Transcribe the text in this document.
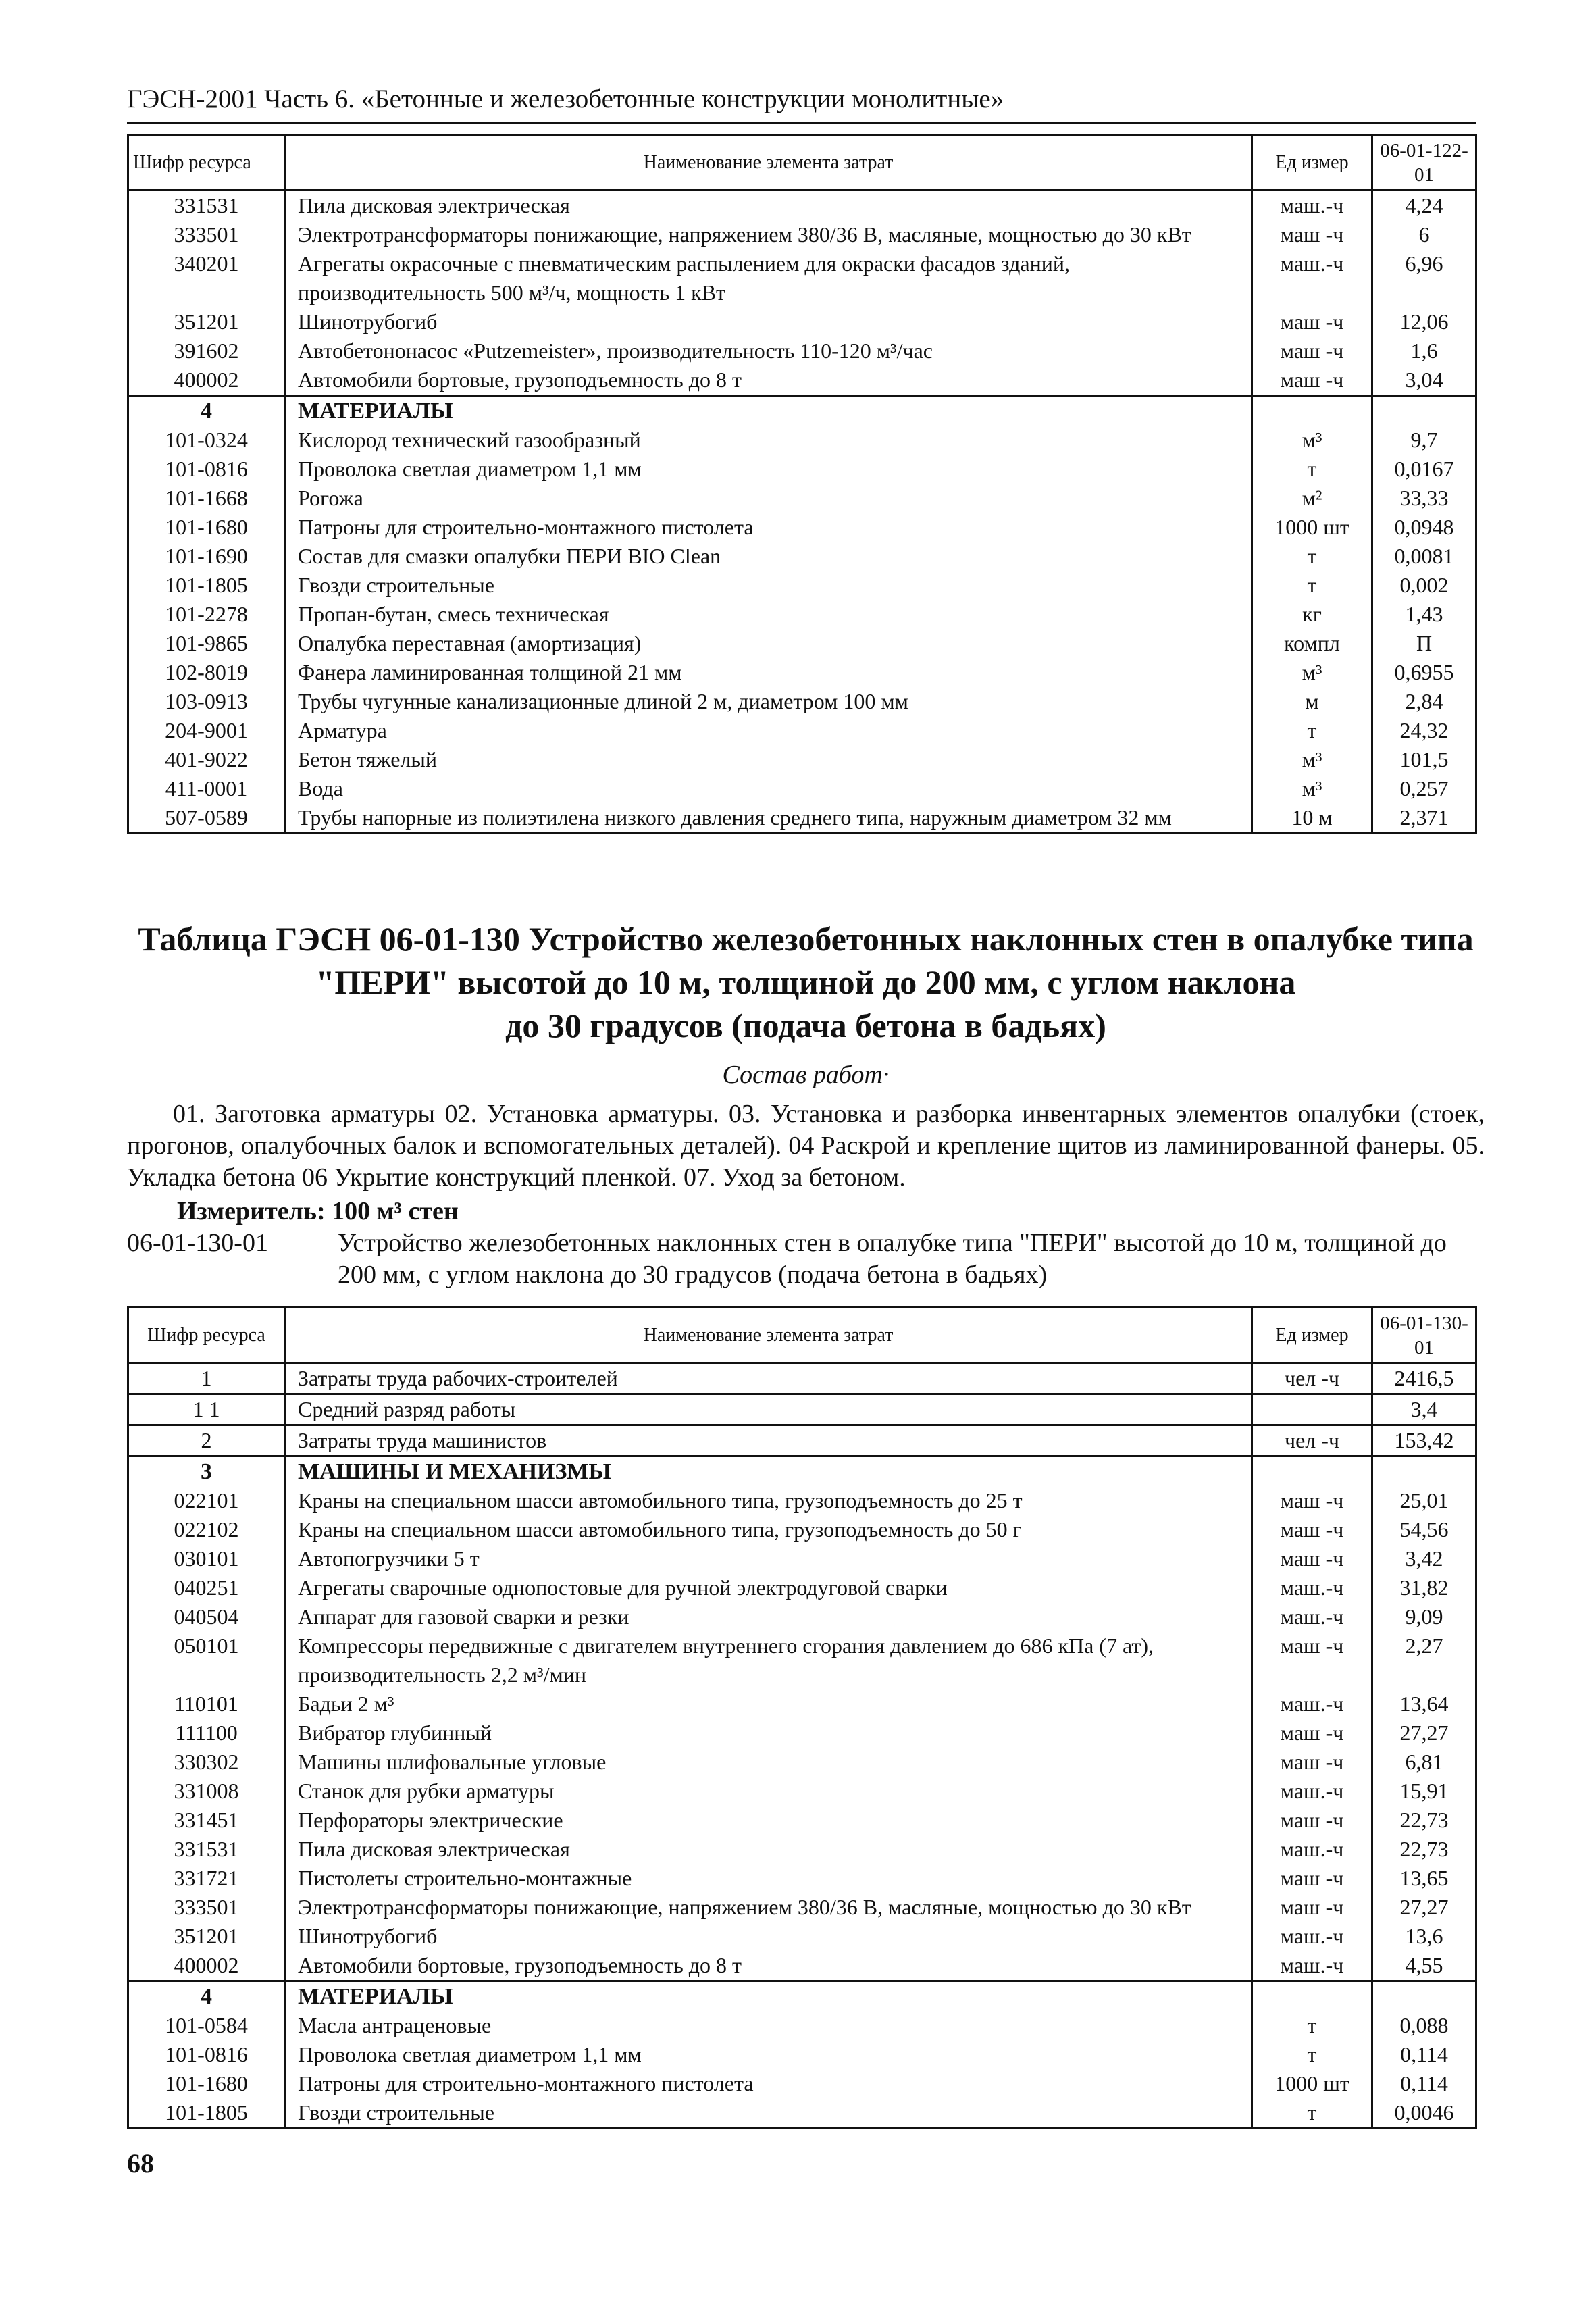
ГЭСН-2001 Часть 6. «Бетонные и железобетонные конструкции монолитные»
Шифр ресурса	Наименование элемента затрат	Ед измер	06-01-122-01
331531	Пила дисковая электрическая	маш.-ч	4,24
333501	Электротрансформаторы понижающие, напряжением 380/36 В, масляные, мощностью до 30 кВт	маш -ч	6
340201	Агрегаты окрасочные с пневматическим распылением для окраски фасадов зданий, производительность 500 м³/ч, мощность 1 кВт	маш.-ч	6,96
351201	Шинотрубогиб	маш -ч	12,06
391602	Автобетононасос «Putzemeister», производительность 110-120 м³/час	маш -ч	1,6
400002	Автомобили бортовые, грузоподъемность до 8 т	маш -ч	3,04
4	МАТЕРИАЛЫ		
101-0324	Кислород технический газообразный	м³	9,7
101-0816	Проволока светлая диаметром 1,1 мм	т	0,0167
101-1668	Рогожа	м²	33,33
101-1680	Патроны для строительно-монтажного пистолета	1000 шт	0,0948
101-1690	Состав для смазки опалубки ПЕРИ BIO Clean	т	0,0081
101-1805	Гвозди строительные	т	0,002
101-2278	Пропан-бутан, смесь техническая	кг	1,43
101-9865	Опалубка переставная (амортизация)	компл	П
102-8019	Фанера ламинированная толщиной 21 мм	м³	0,6955
103-0913	Трубы чугунные канализационные длиной 2 м, диаметром 100 мм	м	2,84
204-9001	Арматура	т	24,32
401-9022	Бетон тяжелый	м³	101,5
411-0001	Вода	м³	0,257
507-0589	Трубы напорные из полиэтилена низкого давления среднего типа, наружным диаметром 32 мм	10 м	2,371
Таблица ГЭСН 06-01-130 Устройство железобетонных наклонных стен в опалубке типа
"ПЕРИ" высотой до 10 м, толщиной до 200 мм, с углом наклона
до 30 градусов (подача бетона в бадьях)
Состав работ·
01. Заготовка арматуры 02. Установка арматуры. 03. Установка и разборка инвентарных элементов опалубки (стоек, прогонов, опалубочных балок и вспомогательных деталей). 04 Раскрой и крепление щитов из ламинированной фанеры. 05. Укладка бетона 06 Укрытие конструкций пленкой. 07. Уход за бетоном.
Измеритель: 100 м³ стен
06-01-130-01	Устройство железобетонных наклонных стен в опалубке типа "ПЕРИ" высотой до 10 м, толщиной до 200 мм, с углом наклона до 30 градусов (подача бетона в бадьях)
Шифр ресурса	Наименование элемента затрат	Ед измер	06-01-130-01
1	Затраты труда рабочих-строителей	чел -ч	2416,5
1 1	Средний разряд работы		3,4
2	Затраты труда машинистов	чел -ч	153,42
3	МАШИНЫ И МЕХАНИЗМЫ		
022101	Краны на специальном шасси автомобильного типа, грузоподъемность до 25 т	маш -ч	25,01
022102	Краны на специальном шасси автомобильного типа, грузоподъемность до 50 г	маш -ч	54,56
030101	Автопогрузчики 5 т	маш -ч	3,42
040251	Агрегаты сварочные однопостовые для ручной электродуговой сварки	маш.-ч	31,82
040504	Аппарат для газовой сварки и резки	маш.-ч	9,09
050101	Компрессоры передвижные с двигателем внутреннего сгорания давлением до 686 кПа (7 ат), производительность 2,2 м³/мин	маш -ч	2,27
110101	Бадьи 2 м³	маш.-ч	13,64
111100	Вибратор глубинный	маш -ч	27,27
330302	Машины шлифовальные угловые	маш -ч	6,81
331008	Станок для рубки арматуры	маш.-ч	15,91
331451	Перфораторы электрические	маш -ч	22,73
331531	Пила дисковая электрическая	маш.-ч	22,73
331721	Пистолеты строительно-монтажные	маш -ч	13,65
333501	Электротрансформаторы понижающие, напряжением 380/36 В, масляные, мощностью до 30 кВт	маш -ч	27,27
351201	Шинотрубогиб	маш.-ч	13,6
400002	Автомобили бортовые, грузоподъемность до 8 т	маш.-ч	4,55
4	МАТЕРИАЛЫ		
101-0584	Масла антраценовые	т	0,088
101-0816	Проволока светлая диаметром 1,1 мм	т	0,114
101-1680	Патроны для строительно-монтажного пистолета	1000 шт	0,114
101-1805	Гвозди строительные	т	0,0046
68
